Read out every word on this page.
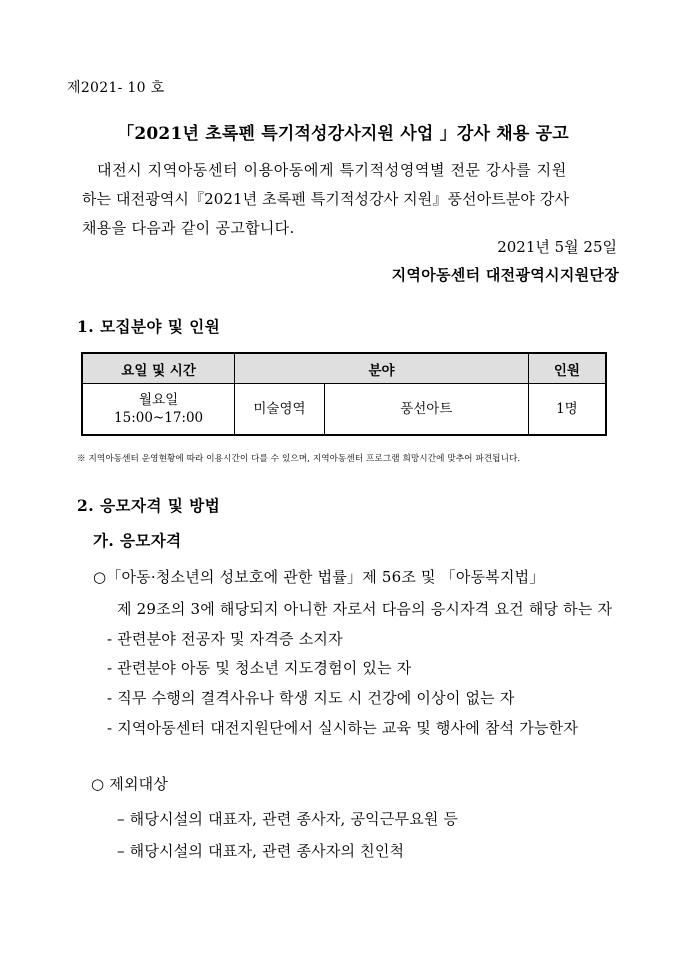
제2021- 10 호
「2021년 초록펜 특기적성강사지원 사업 」강사 채용 공고
대전시 지역아동센터 이용아동에게 특기적성영역별 전문 강사를 지원
하는 대전광역시『2021년 초록펜 특기적성강사 지원』풍선아트분야 강사
채용을 다음과 같이 공고합니다.
2021년 5월 25일
지역아동센터 대전광역시지원단장
1. 모집분야 및 인원
요일 및 시간	분야		인원

월요일
15:00~17:00	미술영역	풍선아트	1명
※ 지역아동센터 운영현황에 따라 이용시간이 다를 수 있으며, 지역아동센터 프로그램 희망시간에 맞추어 파견됩니다.
2. 응모자격 및 방법
가. 응모자격
○「아동·청소년의 성보호에 관한 법률」제 56조 및 「아동복지법」
제 29조의 3에 해당되지 아니한 자로서 다음의 응시자격 요건 해당 하는 자
- 관련분야 전공자 및 자격증 소지자
- 관련분야 아동 및 청소년 지도경험이 있는 자
- 직무 수행의 결격사유나 학생 지도 시 건강에 이상이 없는 자
- 지역아동센터 대전지원단에서 실시하는 교육 및 행사에 참석 가능한자
○ 제외대상
– 해당시설의 대표자, 관련 종사자, 공익근무요원 등
– 해당시설의 대표자, 관련 종사자의 친인척
